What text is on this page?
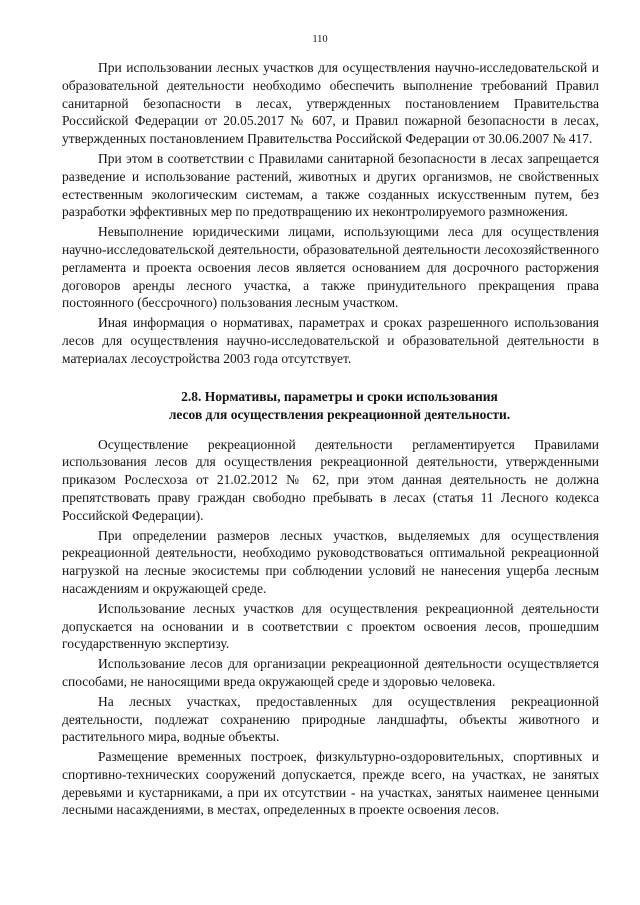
110

При использовании лесных участков для осуществления научно-исследовательской и образовательной деятельности необходимо обеспечить выполнение требований Правил санитарной безопасности в лесах, утвержденных постановлением Правительства Российской Федерации от 20.05.2017 № 607, и Правил пожарной безопасности в лесах, утвержденных постановлением Правительства Российской Федерации от 30.06.2007 № 417.

При этом в соответствии с Правилами санитарной безопасности в лесах запрещается разведение и использование растений, животных и других организмов, не свойственных естественным экологическим системам, а также созданных искусственным путем, без разработки эффективных мер по предотвращению их неконтролируемого размножения.

Невыполнение юридическими лицами, использующими леса для осуществления научно-исследовательской деятельности, образовательной деятельности лесохозяйственного регламента и проекта освоения лесов является основанием для досрочного расторжения договоров аренды лесного участка, а также принудительного прекращения права постоянного (бессрочного) пользования лесным участком.

Иная информация о нормативах, параметрах и сроках разрешенного использования лесов для осуществления научно-исследовательской и образовательной деятельности в материалах лесоустройства 2003 года отсутствует.

2.8. Нормативы, параметры и сроки использования
лесов для осуществления рекреационной деятельности.

Осуществление рекреационной деятельности регламентируется Правилами использования лесов для осуществления рекреационной деятельности, утвержденными приказом Рослесхоза от 21.02.2012 № 62, при этом данная деятельность не должна препятствовать праву граждан свободно пребывать в лесах (статья 11 Лесного кодекса Российской Федерации).

При определении размеров лесных участков, выделяемых для осуществления рекреационной деятельности, необходимо руководствоваться оптимальной рекреационной нагрузкой на лесные экосистемы при соблюдении условий не нанесения ущерба лесным насаждениям и окружающей среде.

Использование лесных участков для осуществления рекреационной деятельности допускается на основании и в соответствии с проектом освоения лесов, прошедшим государственную экспертизу.

Использование лесов для организации рекреационной деятельности осуществляется способами, не наносящими вреда окружающей среде и здоровью человека.

На лесных участках, предоставленных для осуществления рекреационной деятельности, подлежат сохранению природные ландшафты, объекты животного и растительного мира, водные объекты.

Размещение временных построек, физкультурно-оздоровительных, спортивных и спортивно-технических сооружений допускается, прежде всего, на участках, не занятых деревьями и кустарниками, а при их отсутствии - на участках, занятых наименее ценными лесными насаждениями, в местах, определенных в проекте освоения лесов.
